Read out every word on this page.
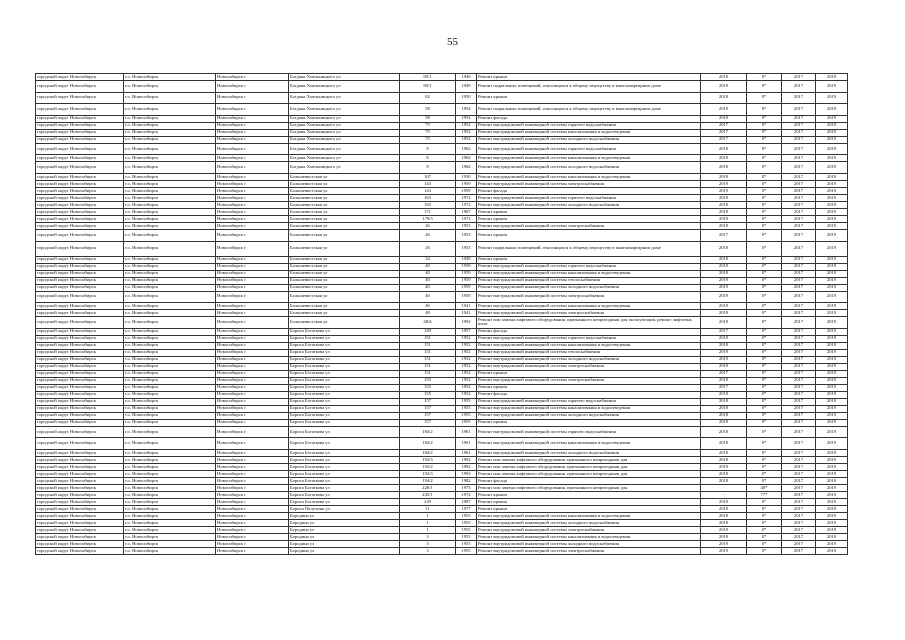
55
городской округ Новосибирск	г.о. Новосибирск	Новосибирск г	Богдана Хмельницкого ул	80/1	1949	Ремонт крыши	2018	0*	2017	2019
городской округ Новосибирск	г.о. Новосибирск	Новосибирск г	Богдана Хмельницкого ул	80/1	1949	Ремонт подвальных помещений, относящихся к общему имуществу в многоквартирном доме	2018	0*	2017	2019
городской округ Новосибирск	г.о. Новосибирск	Новосибирск г	Богдана Хмельницкого ул	82	1950	Ремонт крыши	2018	0*	2017	2019
городской округ Новосибирск	г.о. Новосибирск	Новосибирск г	Богдана Хмельницкого ул	58	1954	Ремонт подвальных помещений, относящихся к общему имуществу в многоквартирном доме	2019	0*	2017	2019
городской округ Новосибирск	г.о. Новосибирск	Новосибирск г	Богдана Хмельницкого ул	58	1954	Ремонт фасада	2019	0*	2017	2019
городской округ Новосибирск	г.о. Новосибирск	Новосибирск г	Богдана Хмельницкого ул	75	1952	Ремонт внутридомовой инженерной системы горячего водоснабжения	2017	0*	2017	2019
городской округ Новосибирск	г.о. Новосибирск	Новосибирск г	Богдана Хмельницкого ул	75	1952	Ремонт внутридомовой инженерной системы канализования и водоотведения	2017	0*	2017	2019
городской округ Новосибирск	г.о. Новосибирск	Новосибирск г	Богдана Хмельницкого ул	75	1952	Ремонт внутридомовой инженерной системы холодного водоснабжения	2017	0*	2017	2019
городской округ Новосибирск	г.о. Новосибирск	Новосибирск г	Богдана Хмельницкого ул	8	1962	Ремонт внутридомовой инженерной системы горячего водоснабжения	2018	0*	2017	2019
городской округ Новосибирск	г.о. Новосибирск	Новосибирск г	Богдана Хмельницкого ул	8	1962	Ремонт внутридомовой инженерной системы канализования и водоотведения	2018	0*	2017	2019
городской округ Новосибирск	г.о. Новосибирск	Новосибирск г	Богдана Хмельницкого ул	8	1962	Ремонт внутридомовой инженерной системы холодного водоснабжения	2018	0*	2017	2019
городской округ Новосибирск	г.о. Новосибирск	Новосибирск г	Большевистская ул	107	1930	Ремонт внутридомовой инженерной системы канализования и водоотведения	2019	0*	2017	2019
городской округ Новосибирск	г.о. Новосибирск	Новосибирск г	Большевистская ул	143	1959	Ремонт внутридомовой инженерной системы электроснабжения	2019	0*	2017	2019
городской округ Новосибирск	г.о. Новосибирск	Новосибирск г	Большевистская ул	143	1959	Ремонт фасада	2019	0*	2017	2019
городской округ Новосибирск	г.о. Новосибирск	Новосибирск г	Большевистская ул	163	1972	Ремонт внутридомовой инженерной системы горячего водоснабжения	2018	0*	2017	2019
городской округ Новосибирск	г.о. Новосибирск	Новосибирск г	Большевистская ул	165	1972	Ремонт внутридомовой инженерной системы холодного водоснабжения	2018	0*	2017	2019
городской округ Новосибирск	г.о. Новосибирск	Новосибирск г	Большевистская ул	171	1967	Ремонт крыши	2019	0*	2017	2019
городской округ Новосибирск	г.о. Новосибирск	Новосибирск г	Большевистская ул	179/3	1973	Ремонт крыши	2019	0*	2017	2019
городской округ Новосибирск	г.о. Новосибирск	Новосибирск г	Большевистская ул	26	1953	Ремонт внутридомовой инженерной системы электроснабжения	2018	0*	2017	2019
городской округ Новосибирск	г.о. Новосибирск	Новосибирск г	Большевистская ул	26	1953	Ремонт крыши	2017	0*	2017	2019
городской округ Новосибирск	г.о. Новосибирск	Новосибирск г	Большевистская ул	26	1953	Ремонт подвальных помещений, относящихся к общему имуществу в многоквартирном доме	2018	0*	2017	2019
городской округ Новосибирск	г.о. Новосибирск	Новосибирск г	Большевистская ул	34	1949	Ремонт крыши	2018	0*	2017	2019
городской округ Новосибирск	г.о. Новосибирск	Новосибирск г	Большевистская ул	40	1959	Ремонт внутридомовой инженерной системы горячего водоснабжения	2019	0*	2017	2019
городской округ Новосибирск	г.о. Новосибирск	Новосибирск г	Большевистская ул	40	1959	Ремонт внутридомовой инженерной системы канализования и водоотведения	2019	0*	2017	2019
городской округ Новосибирск	г.о. Новосибирск	Новосибирск г	Большевистская ул	40	1959	Ремонт внутридомовой инженерной системы теплоснабжения	2019	0*	2017	2019
городской округ Новосибирск	г.о. Новосибирск	Новосибирск г	Большевистская ул	40	1959	Ремонт внутридомовой инженерной системы холодного водоснабжения	2019	0*	2017	2019
городской округ Новосибирск	г.о. Новосибирск	Новосибирск г	Большевистская ул	40	1959	Ремонт внутридомовой инженерной системы электроснабжения	2019	0*	2017	2019
городской округ Новосибирск	г.о. Новосибирск	Новосибирск г	Большевистская ул	46	1941	Ремонт внутридомовой инженерной системы канализования и водоотведения	2019	0*	2017	2019
городской округ Новосибирск	г.о. Новосибирск	Новосибирск г	Большевистская ул	48	1941	Ремонт внутридомовой инженерной системы электроснабжения	2019	0*	2017	2019
городской округ Новосибирск	г.о. Новосибирск	Новосибирск г	Большевистская ул	48/4	1992	Ремонт или замена лифтового оборудования, признанного непригодным для эксплуатации, ремонт лифтовых шахт	2019	0*	2017	2019
городской округ Новосибирск	г.о. Новосибирск	Новосибирск г	Бориса Богаткова ул	149	1957	Ремонт фасада	2017	0*	2017	2019
городской округ Новосибирск	г.о. Новосибирск	Новосибирск г	Бориса Богаткова ул	151	1952	Ремонт внутридомовой инженерной системы горячего водоснабжения	2019	0*	2017	2019
городской округ Новосибирск	г.о. Новосибирск	Новосибирск г	Бориса Богаткова ул	151	1952	Ремонт внутридомовой инженерной системы канализования и водоотведения	2019	0*	2017	2019
городской округ Новосибирск	г.о. Новосибирск	Новосибирск г	Бориса Богаткова ул	151	1952	Ремонт внутридомовой инженерной системы теплоснабжения	2019	0*	2017	2019
городской округ Новосибирск	г.о. Новосибирск	Новосибирск г	Бориса Богаткова ул	151	1952	Ремонт внутридомовой инженерной системы холодного водоснабжения	2019	0*	2017	2019
городской округ Новосибирск	г.о. Новосибирск	Новосибирск г	Бориса Богаткова ул	151	1952	Ремонт внутридомовой инженерной системы электроснабжения	2019	0*	2017	2019
городской округ Новосибирск	г.о. Новосибирск	Новосибирск г	Бориса Богаткова ул	151	1952	Ремонт крыши	2017	0*	2017	2019
городской округ Новосибирск	г.о. Новосибирск	Новосибирск г	Бориса Богаткова ул	155	1952	Ремонт внутридомовой инженерной системы электроснабжения	2019	0*	2017	2019
городской округ Новосибирск	г.о. Новосибирск	Новосибирск г	Бориса Богаткова ул	155	1952	Ремонт крыши	2017	0*	2017	2019
городской округ Новосибирск	г.о. Новосибирск	Новосибирск г	Бориса Богаткова ул	155	1952	Ремонт фасада	2019	0*	2017	2019
городской округ Новосибирск	г.о. Новосибирск	Новосибирск г	Бориса Богаткова ул	157	1955	Ремонт внутридомовой инженерной системы горячего водоснабжения	2018	0*	2017	2019
городской округ Новосибирск	г.о. Новосибирск	Новосибирск г	Бориса Богаткова ул	157	1955	Ремонт внутридомовой инженерной системы канализования и водоотведения	2018	0*	2017	2019
городской округ Новосибирск	г.о. Новосибирск	Новосибирск г	Бориса Богаткова ул	157	1955	Ремонт внутридомовой инженерной системы холодного водоснабжения	2018	0*	2017	2019
городской округ Новосибирск	г.о. Новосибирск	Новосибирск г	Бориса Богаткова ул	157	1955	Ремонт крыши	2018	0*	2017	2019
городской округ Новосибирск	г.о. Новосибирск	Новосибирск г	Бориса Богаткова ул	184/2	1961	Ремонт внутридомовой инженерной системы горячего водоснабжения	2018	0*	2017	2019
городской округ Новосибирск	г.о. Новосибирск	Новосибирск г	Бориса Богаткова ул	184/2	1961	Ремонт внутридомовой инженерной системы канализования и водоотведения	2018	0*	2017	2019
городской округ Новосибирск	г.о. Новосибирск	Новосибирск г	Бориса Богаткова ул	184/2	1961	Ремонт внутридомовой инженерной системы холодного водоснабжения	2018	0*	2017	2019
городской округ Новосибирск	г.о. Новосибирск	Новосибирск г	Бориса Богаткова ул	192/3	1992	Ремонт или замена лифтового оборудования, признанного непригодным для	2018	0*	2017	2019
городской округ Новосибирск	г.о. Новосибирск	Новосибирск г	Бориса Богаткова ул	192/2	1992	Ремонт или замена лифтового оборудования, признанного непригодным для	2019	0*	2017	2019
городской округ Новосибирск	г.о. Новосибирск	Новосибирск г	Бориса Богаткова ул	192/3	1993	Ремонт или замена лифтового оборудования, признанного непригодным для	2018	0*	2017	2019
городской округ Новосибирск	г.о. Новосибирск	Новосибирск г	Бориса Богаткова ул	194/2	1982	Ремонт фасада	2018	0*	2017	2019
городской округ Новосибирск	г.о. Новосибирск	Новосибирск г	Бориса Богаткова ул	226/1	1975	Ремонт или замена лифтового оборудования, признанного непригодным для		40*	2017	2019
городской округ Новосибирск	г.о. Новосибирск	Новосибирск г	Бориса Богаткова ул	245/1	1972	Ремонт крыши	-	77*	2017	2019
городской округ Новосибирск	г.о. Новосибирск	Новосибирск г	Бориса Богаткова ул	249	1987	Ремонт крыши	2019	0*	2017	2019
городской округ Новосибирск	г.о. Новосибирск	Новосибирск г	Бориса Палухина ул	11	1977	Ремонт крыши	2019	0*	2017	2019
городской округ Новосибирск	г.о. Новосибирск	Новосибирск г	Бородина ул	1	1955	Ремонт внутридомовой инженерной системы канализования и водоотведения	2018	0*	2017	2019
городской округ Новосибирск	г.о. Новосибирск	Новосибирск г	Бородина ул	1	1955	Ремонт внутридомовой инженерной системы холодного водоснабжения	2018	0*	2017	2019
городской округ Новосибирск	г.о. Новосибирск	Новосибирск г	Бородина ул	1	1955	Ремонт внутридомовой инженерной системы электроснабжения	2019	0*	2017	2019
городской округ Новосибирск	г.о. Новосибирск	Новосибирск г	Бородина ул	3	1955	Ремонт внутридомовой инженерной системы канализования и водоотведения	2019	0*	2017	2019
городской округ Новосибирск	г.о. Новосибирск	Новосибирск г	Бородина ул	3	1955	Ремонт внутридомовой инженерной системы холодного водоснабжения	2019	0*	2017	2019
городской округ Новосибирск	г.о. Новосибирск	Новосибирск г	Бородина ул	3	1955	Ремонт внутридомовой инженерной системы электроснабжения	2019	0*	2017	2019
